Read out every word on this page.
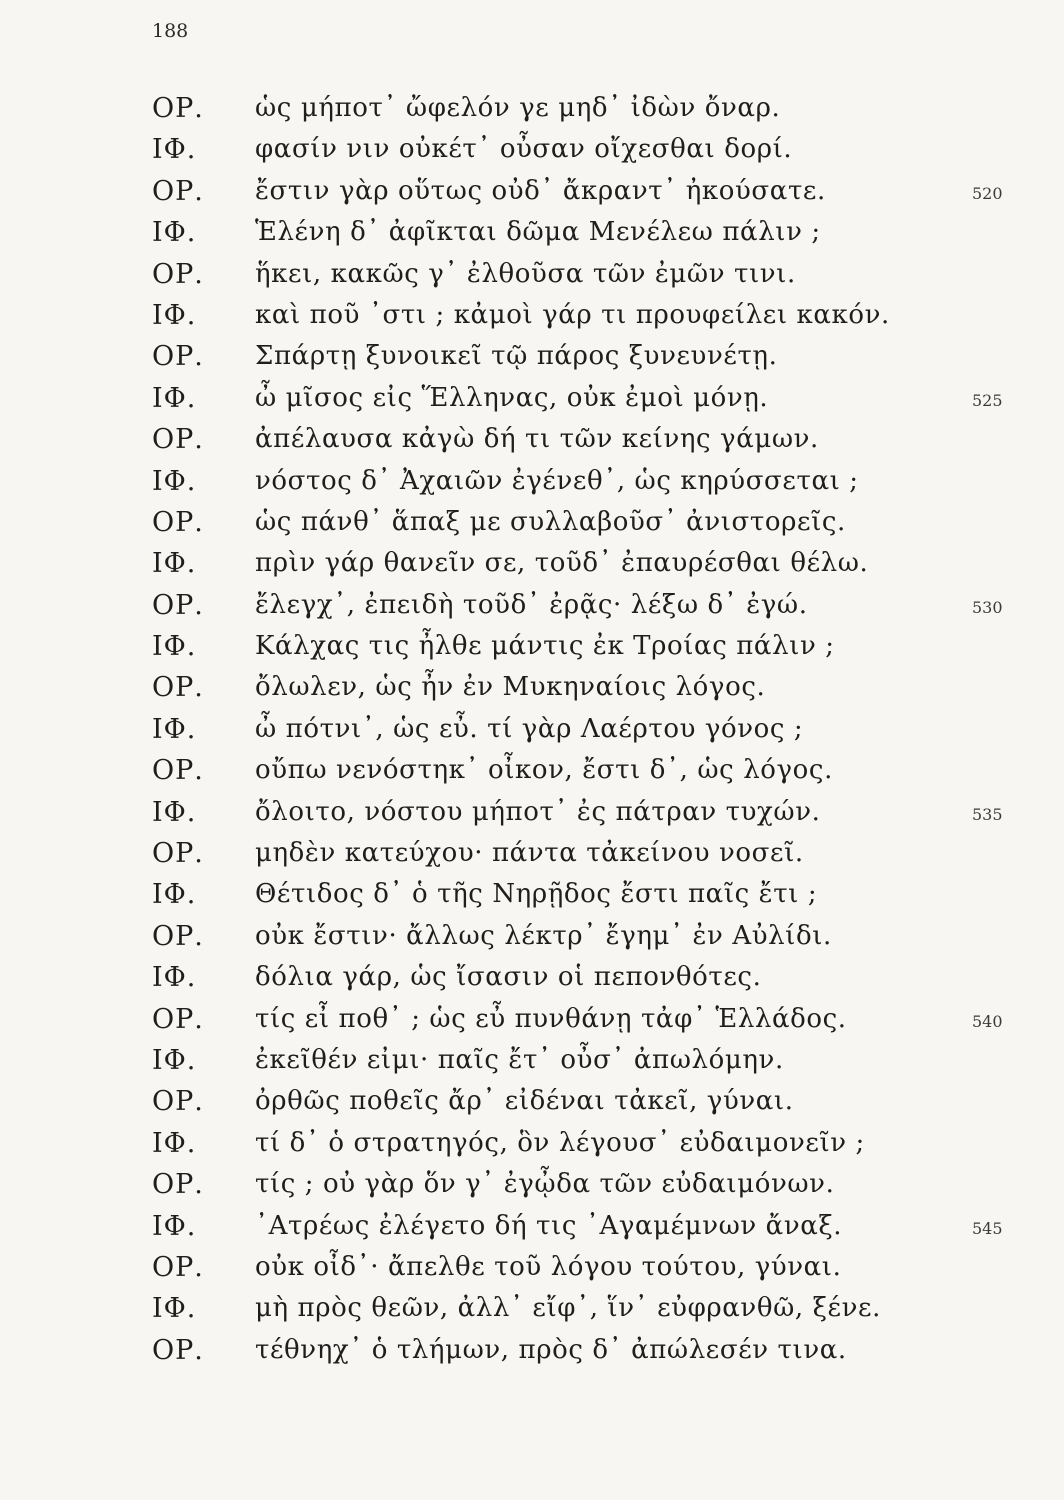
188
ΟΡ.	ὡς μήποτ᾽ ὤφελόν γε μηδ᾽ ἰδὼν ὄναρ.
ΙΦ.	φασίν νιν οὐκέτ᾽ οὖσαν οἴχεσθαι δορί.
ΟΡ.	ἔστιν γὰρ οὕτως οὐδ᾽ ἄκραντ᾽ ἠκούσατε.	520
ΙΦ.	Ἑλένη δ᾽ ἀφῖκται δῶμα Μενέλεω πάλιν ;
ΟΡ.	ἥκει, κακῶς γ᾽ ἐλθοῦσα τῶν ἐμῶν τινι.
ΙΦ.	καὶ ποῦ ᾽στι ; κἀμοὶ γάρ τι προυφείλει κακόν.
ΟΡ.	Σπάρτῃ ξυνοικεῖ τῷ πάρος ξυνευνέτῃ.
ΙΦ.	ὦ μῖσος εἰς Ἕλληνας, οὐκ ἐμοὶ μόνῃ.	525
ΟΡ.	ἀπέλαυσα κἀγὼ δή τι τῶν κείνης γάμων.
ΙΦ.	νόστος δ᾽ Ἀχαιῶν ἐγένεθ᾽, ὡς κηρύσσεται ;
ΟΡ.	ὡς πάνθ᾽ ἅπαξ με συλλαβοῦσ᾽ ἀνιστορεῖς.
ΙΦ.	πρὶν γάρ θανεῖν σε, τοῦδ᾽ ἐπαυρέσθαι θέλω.
ΟΡ.	ἔλεγχ᾽, ἐπειδὴ τοῦδ᾽ ἐρᾷς· λέξω δ᾽ ἐγώ.	530
ΙΦ.	Κάλχας τις ἦλθε μάντις ἐκ Τροίας πάλιν ;
ΟΡ.	ὄλωλεν, ὡς ἦν ἐν Μυκηναίοις λόγος.
ΙΦ.	ὦ πότνι᾽, ὡς εὖ. τί γὰρ Λαέρτου γόνος ;
ΟΡ.	οὔπω νενόστηκ᾽ οἶκον, ἔστι δ᾽, ὡς λόγος.
ΙΦ.	ὄλοιτο, νόστου μήποτ᾽ ἐς πάτραν τυχών.	535
ΟΡ.	μηδὲν κατεύχου· πάντα τἀκείνου νοσεῖ.
ΙΦ.	Θέτιδος δ᾽ ὁ τῆς Νηρῇδος ἔστι παῖς ἔτι ;
ΟΡ.	οὐκ ἔστιν· ἄλλως λέκτρ᾽ ἔγημ᾽ ἐν Αὐλίδι.
ΙΦ.	δόλια γάρ, ὡς ἴσασιν οἱ πεπονθότες.
ΟΡ.	τίς εἶ ποθ᾽ ; ὡς εὖ πυνθάνῃ τἀφ᾽ Ἑλλάδος.	540
ΙΦ.	ἐκεῖθέν εἰμι· παῖς ἔτ᾽ οὖσ᾽ ἀπωλόμην.
ΟΡ.	ὀρθῶς ποθεῖς ἄρ᾽ εἰδέναι τἀκεῖ, γύναι.
ΙΦ.	τί δ᾽ ὁ στρατηγός, ὃν λέγουσ᾽ εὐδαιμονεῖν ;
ΟΡ.	τίς ; οὐ γὰρ ὅν γ᾽ ἐγᾦδα τῶν εὐδαιμόνων.
ΙΦ.	᾽Ατρέως ἐλέγετο δή τις ᾽Αγαμέμνων ἄναξ.	545
ΟΡ.	οὐκ οἶδ᾽· ἄπελθε τοῦ λόγου τούτου, γύναι.
ΙΦ.	μὴ πρὸς θεῶν, ἀλλ᾽ εἴφ᾽, ἵν᾽ εὐφρανθῶ, ξένε.
ΟΡ.	τέθνηχ᾽ ὁ τλήμων, πρὸς δ᾽ ἀπώλεσέν τινα.
